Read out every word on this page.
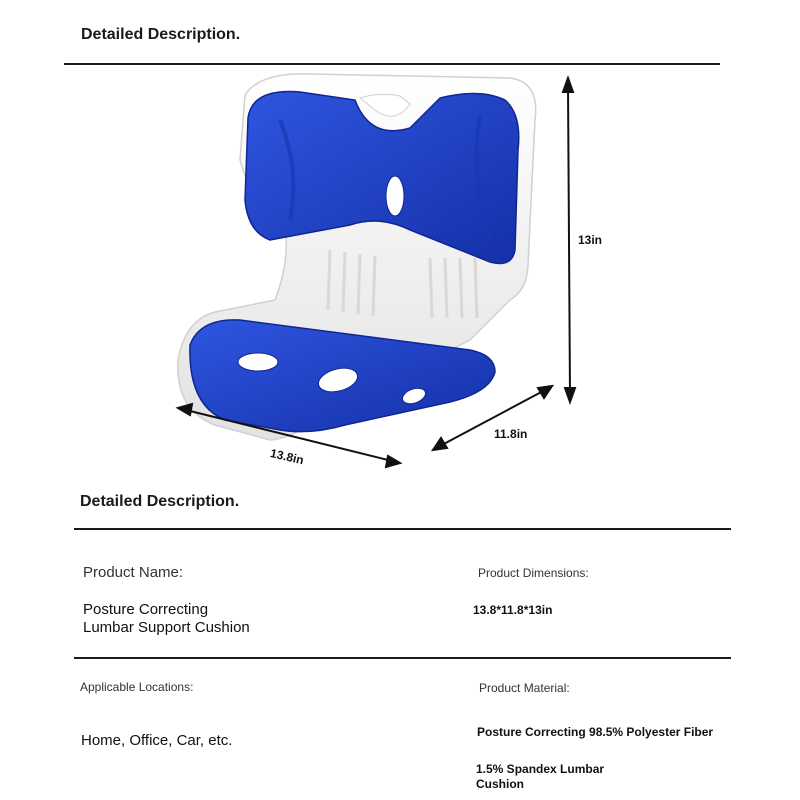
Detailed Description.
13in
11.8in
13.8in
Detailed Description.
Product Name:
Posture Correcting
Lumbar Support Cushion
Product Dimensions:
13.8*11.8*13in
Applicable Locations:
Home, Office, Car, etc.
Product Material:
Posture Correcting 98.5% Polyester Fiber
1.5% Spandex Lumbar
Cushion
